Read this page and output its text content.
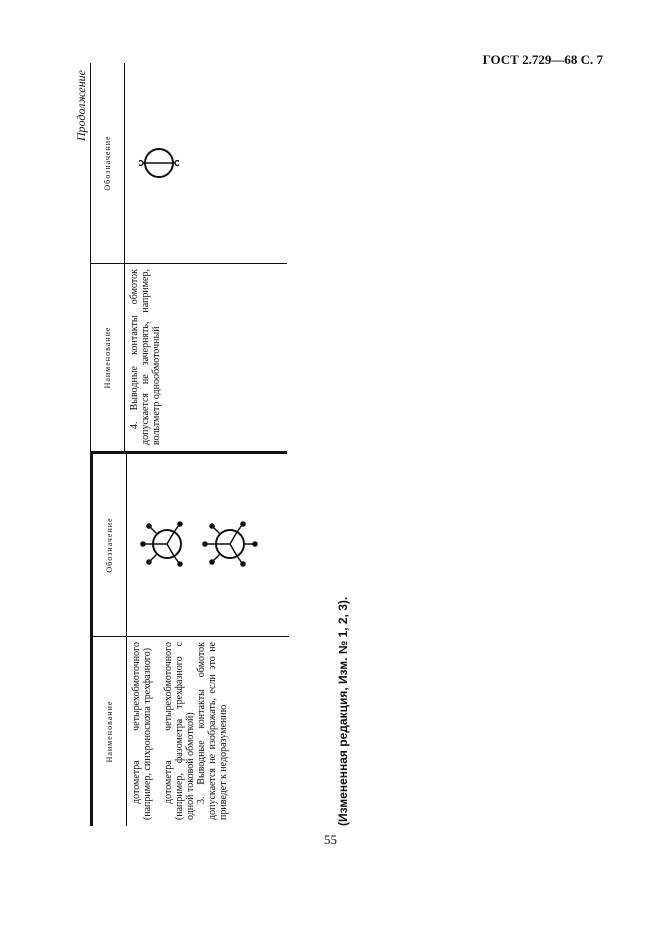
ГОСТ 2.729—68 С. 7
Продолжение
Наименование	дотометра четырехобмоточного (например, синхроноскопа трехфазного) дотометра четырехобмоточного (например, фазометра трехфазного с одной токовой обмоткой) 3. Выводные контакты обмоток допускается не изображать, если это не приведет к недоразумению

Обозначение
Наименование	4. Выводные контакты обмоток допускается не зачернять, например, вольтметр однообмоточный

Обозначение
(Измененная редакция, Изм. № 1, 2, 3).
55
